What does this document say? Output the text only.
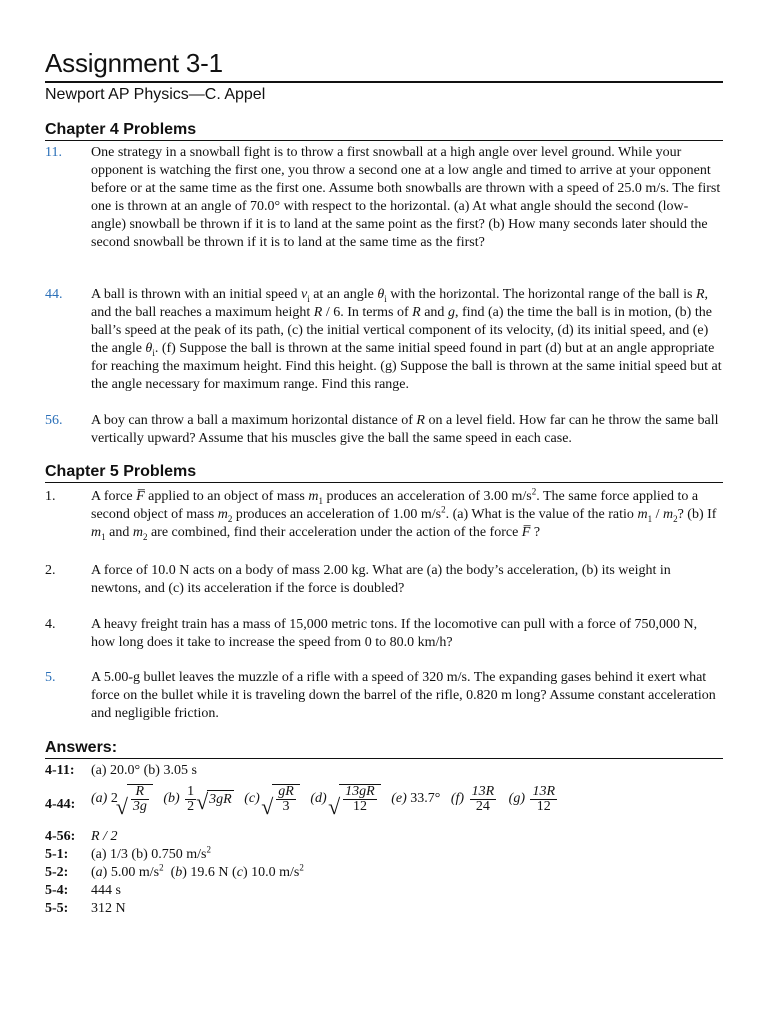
Assignment 3-1
Newport AP Physics—C. Appel
Chapter 4 Problems
11.	One strategy in a snowball fight is to throw a first snowball at a high angle over level ground. While your opponent is watching the first one, you throw a second one at a low angle and timed to arrive at your opponent before or at the same time as the first one. Assume both snowballs are thrown with a speed of 25.0 m/s. The first one is thrown at an angle of 70.0° with respect to the horizontal. (a) At what angle should the second (low-angle) snowball be thrown if it is to land at the same point as the first? (b) How many seconds later should the second snowball be thrown if it is to land at the same time as the first?
44.	A ball is thrown with an initial speed $v_i$ at an angle $\theta_i$ with the horizontal. The horizontal range of the ball is R, and the ball reaches a maximum height R / 6. In terms of R and g, find (a) the time the ball is in motion, (b) the ball’s speed at the peak of its path, (c) the initial vertical component of its velocity, (d) its initial speed, and (e) the angle $\theta_i$. (f) Suppose the ball is thrown at the same initial speed found in part (d) but at an angle appropriate for reaching the maximum height. Find this height. (g) Suppose the ball is thrown at the same initial speed but at the angle necessary for maximum range. Find this range.
56.	A boy can throw a ball a maximum horizontal distance of R on a level field. How far can he throw the same ball vertically upward? Assume that his muscles give the ball the same speed in each case.
Chapter 5 Problems
1.	A force F̅ applied to an object of mass $m_1$ produces an acceleration of 3.00 $m/s^2$. The same force applied to a second object of mass $m_2$ produces an acceleration of 1.00 $m/s^2$. (a) What is the value of the ratio $m_1 / m_2$? (b) If $m_1$ and $m_2$ are combined, find their acceleration under the action of the force F̅ ?
2.	A force of 10.0 N acts on a body of mass 2.00 kg. What are (a) the body’s acceleration, (b) its weight in newtons, and (c) its acceleration if the force is doubled?
4.	A heavy freight train has a mass of 15,000 metric tons. If the locomotive can pull with a force of 750,000 N, how long does it take to increase the speed from 0 to 80.0 km/h?
5.	A 5.00-g bullet leaves the muzzle of a rifle with a speed of 320 m/s. The expanding gases behind it exert what force on the bullet while it is traveling down the barrel of the rifle, 0.820 m long? Assume constant acceleration and negligible friction.
Answers:
4-11: (a) 20.0° (b) 3.05 s
4-44: (a) 2 √ $\frac{R}{3g} (b) \frac{1}{2}$ √ 3gR (c) √ $\frac{gR}{3} (d)$ √ $\frac{13gR}{12} (e)$ 33.7° $(f) \frac{13R}{24} (g) \frac{13R}{12}$
4-56: R / 2
5-1: (a) 1/3 (b) 0.750 $m/s^2$
5-2: (a) 5.00 $m/s^2$  (b) 19.6 N (c) 10.0 $m/s^2$
5-4: 444 s
5-5: 312 N
